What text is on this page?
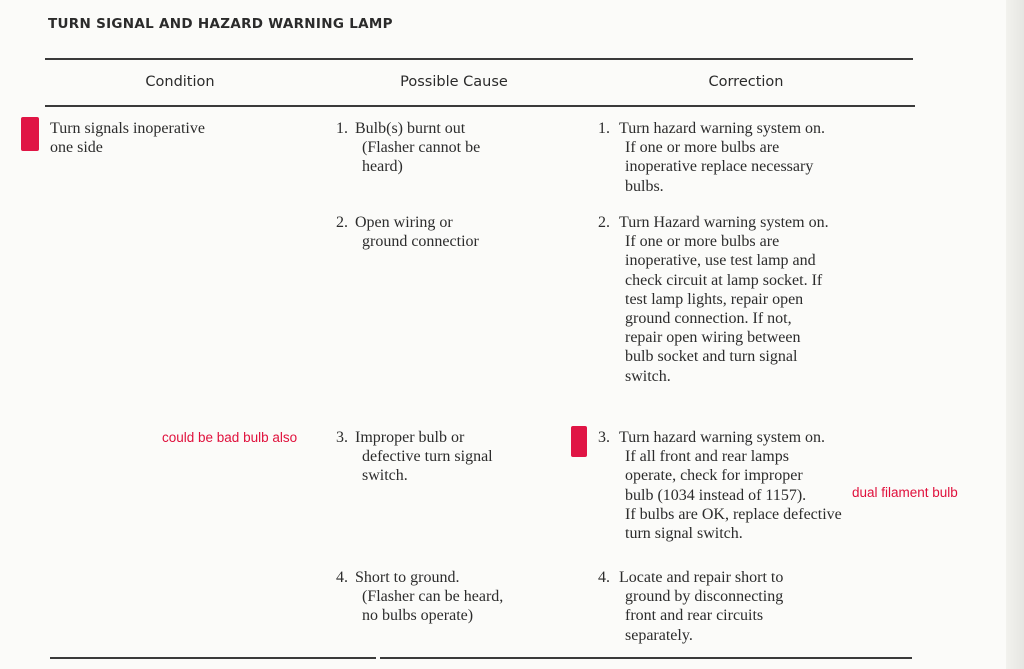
TURN SIGNAL AND HAZARD WARNING LAMP
Condition	Possible Cause	Correction
Turn signals inoperative
one side
1. Bulb(s) burnt out
(Flasher cannot be
heard)
1. Turn hazard warning system on.
If one or more bulbs are
inoperative replace necessary
bulbs.
2. Open wiring or
ground connectior
2. Turn Hazard warning system on.
If one or more bulbs are
inoperative, use test lamp and
check circuit at lamp socket. If
test lamp lights, repair open
ground connection. If not,
repair open wiring between
bulb socket and turn signal
switch.
could be bad bulb also 3. Improper bulb or
defective turn signal
switch.
3. Turn hazard warning system on.
If all front and rear lamps
operate, check for improper
bulb (1034 instead of 1157).
If bulbs are OK, replace defective
turn signal switch.
dual filament bulb
4. Short to ground.
(Flasher can be heard,
no bulbs operate)
4. Locate and repair short to
ground by disconnecting
front and rear circuits
separately.
